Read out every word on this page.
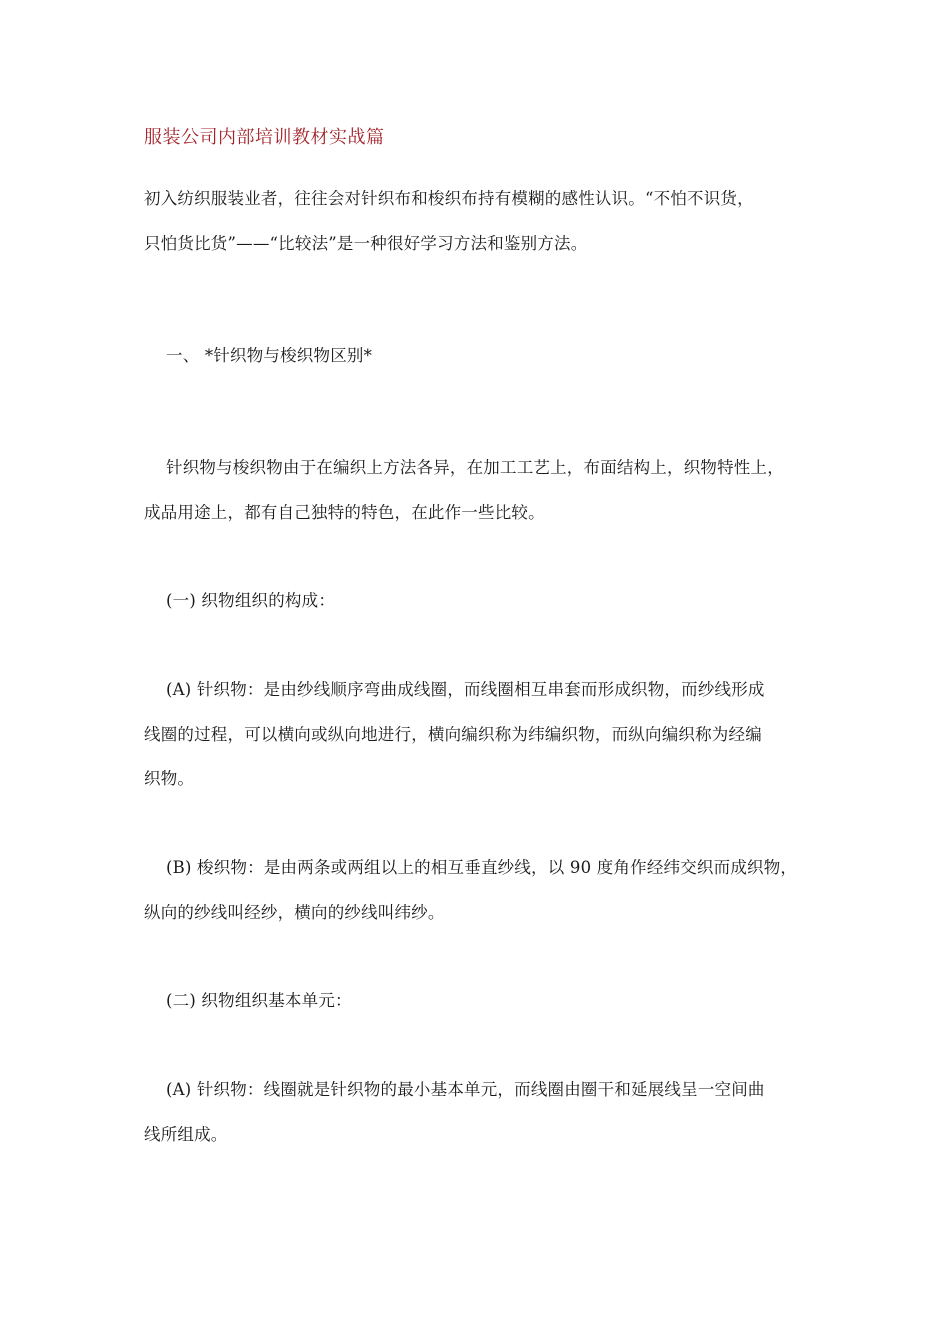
服装公司内部培训教材实战篇
初入纺织服装业者，往往会对针织布和梭织布持有模糊的感性认识。“不怕不识货，
只怕货比货”——“比较法”是一种很好学习方法和鉴别方法。
一、 *针织物与梭织物区别*
针织物与梭织物由于在编织上方法各异，在加工工艺上，布面结构上，织物特性上，
成品用途上，都有自己独特的特色，在此作一些比较。
(一) 织物组织的构成：
(A) 针织物：是由纱线顺序弯曲成线圈，而线圈相互串套而形成织物，而纱线形成
线圈的过程，可以横向或纵向地进行，横向编织称为纬编织物，而纵向编织称为经编
织物。
(B) 梭织物：是由两条或两组以上的相互垂直纱线，以 90 度角作经纬交织而成织物，
纵向的纱线叫经纱，横向的纱线叫纬纱。
(二) 织物组织基本单元：
(A) 针织物：线圈就是针织物的最小基本单元，而线圈由圈干和延展线呈一空间曲
线所组成。
